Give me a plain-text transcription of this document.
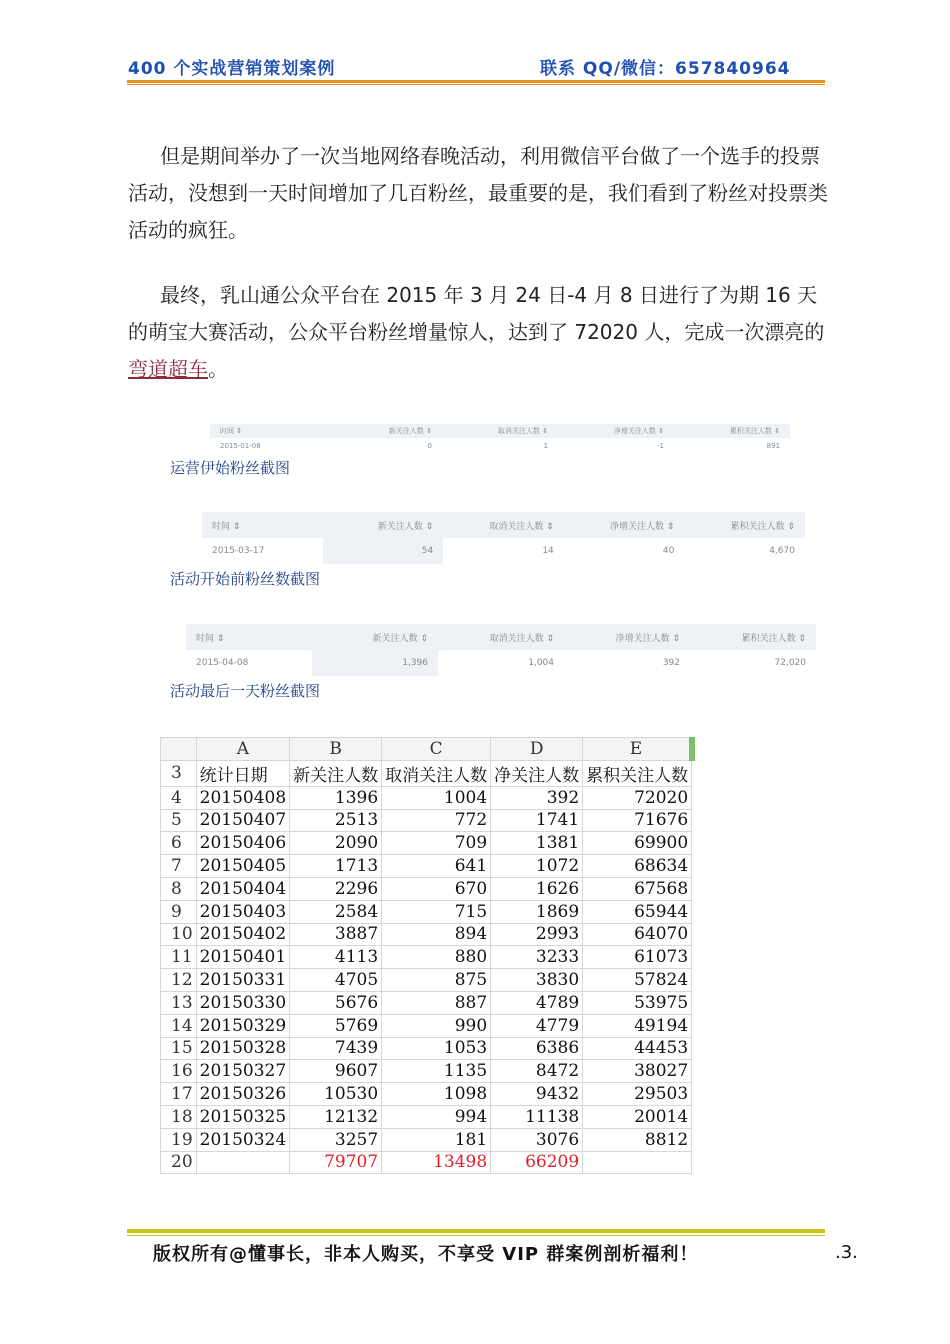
400 个实战营销策划案例	联系 QQ/微信：657840964
但是期间举办了一次当地网络春晚活动，利用微信平台做了一个选手的投票活动，没想到一天时间增加了几百粉丝，最重要的是，我们看到了粉丝对投票类活动的疯狂。
最终，乳山通公众平台在 2015 年 3 月 24 日-4 月 8 日进行了为期 16 天的萌宝大赛活动，公众平台粉丝增量惊人，达到了 72020 人，完成一次漂亮的弯道超车。
时间 ⇕	新关注人数 ⇕	取消关注人数 ⇕	净增关注人数 ⇕	累积关注人数 ⇕
2015-01-08	0	1	-1	891
运营伊始粉丝截图
时间 ⇕	新关注人数 ⇕	取消关注人数 ⇕	净增关注人数 ⇕	累积关注人数 ⇕
2015-03-17	54	14	40	4,670
活动开始前粉丝数截图
时间 ⇕	新关注人数 ⇕	取消关注人数 ⇕	净增关注人数 ⇕	累积关注人数 ⇕
2015-04-08	1,396	1,004	392	72,020
活动最后一天粉丝截图
	A	B	C	D	E
3	统计日期	新关注人数	取消关注人数	净关注人数	累积关注人数
4	20150408	1396	1004	392	72020
5	20150407	2513	772	1741	71676
6	20150406	2090	709	1381	69900
7	20150405	1713	641	1072	68634
8	20150404	2296	670	1626	67568
9	20150403	2584	715	1869	65944
10	20150402	3887	894	2993	64070
11	20150401	4113	880	3233	61073
12	20150331	4705	875	3830	57824
13	20150330	5676	887	4789	53975
14	20150329	5769	990	4779	49194
15	20150328	7439	1053	6386	44453
16	20150327	9607	1135	8472	38027
17	20150326	10530	1098	9432	29503
18	20150325	12132	994	11138	20014
19	20150324	3257	181	3076	8812
20		79707	13498	66209	
版权所有@懂事长，非本人购买，不享受 VIP 群案例剖析福利！	.3.
